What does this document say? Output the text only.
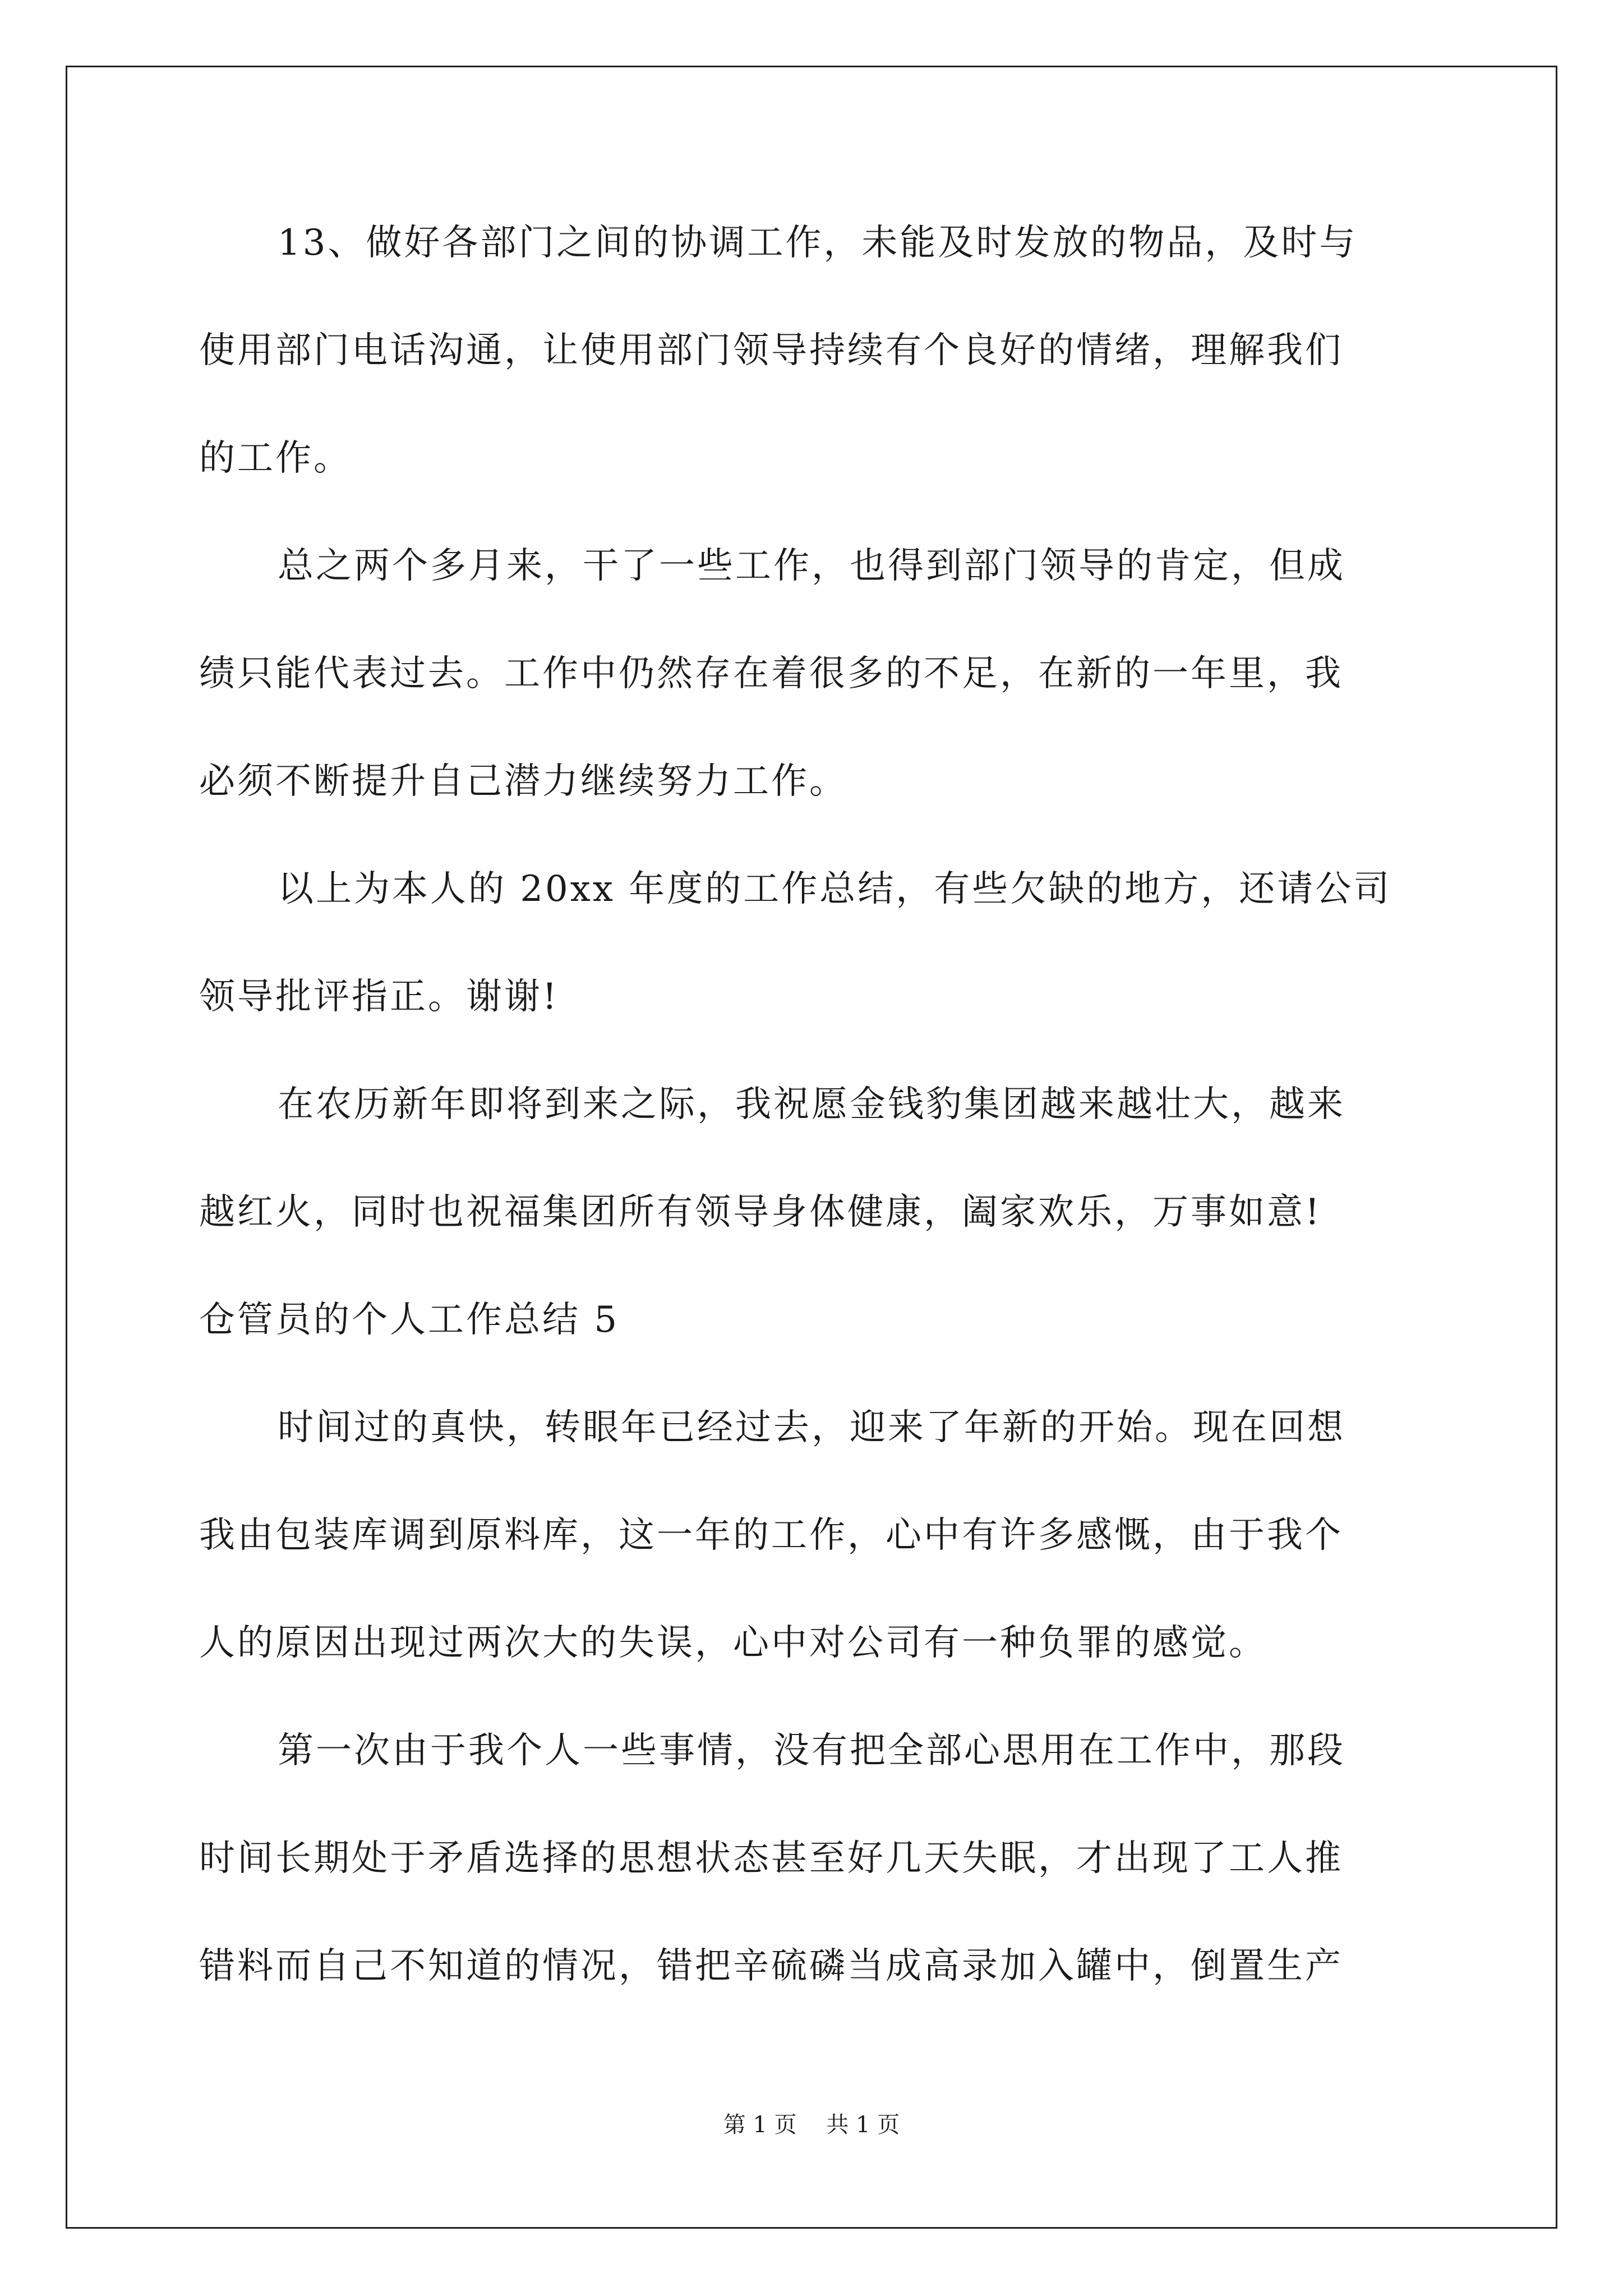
13、做好各部门之间的协调工作，未能及时发放的物品，及时与
使用部门电话沟通，让使用部门领导持续有个良好的情绪，理解我们
的工作。
总之两个多月来，干了一些工作，也得到部门领导的肯定，但成
绩只能代表过去。工作中仍然存在着很多的不足，在新的一年里，我
必须不断提升自己潜力继续努力工作。
以上为本人的 20xx 年度的工作总结，有些欠缺的地方，还请公司
领导批评指正。谢谢!
在农历新年即将到来之际，我祝愿金钱豹集团越来越壮大，越来
越红火，同时也祝福集团所有领导身体健康，阖家欢乐，万事如意!
仓管员的个人工作总结 5
时间过的真快，转眼年已经过去，迎来了年新的开始。现在回想
我由包装库调到原料库，这一年的工作，心中有许多感慨，由于我个
人的原因出现过两次大的失误，心中对公司有一种负罪的感觉。
第一次由于我个人一些事情，没有把全部心思用在工作中，那段
时间长期处于矛盾选择的思想状态甚至好几天失眠，才出现了工人推
错料而自己不知道的情况，错把辛硫磷当成高录加入罐中，倒置生产
第 1 页 共 1 页
